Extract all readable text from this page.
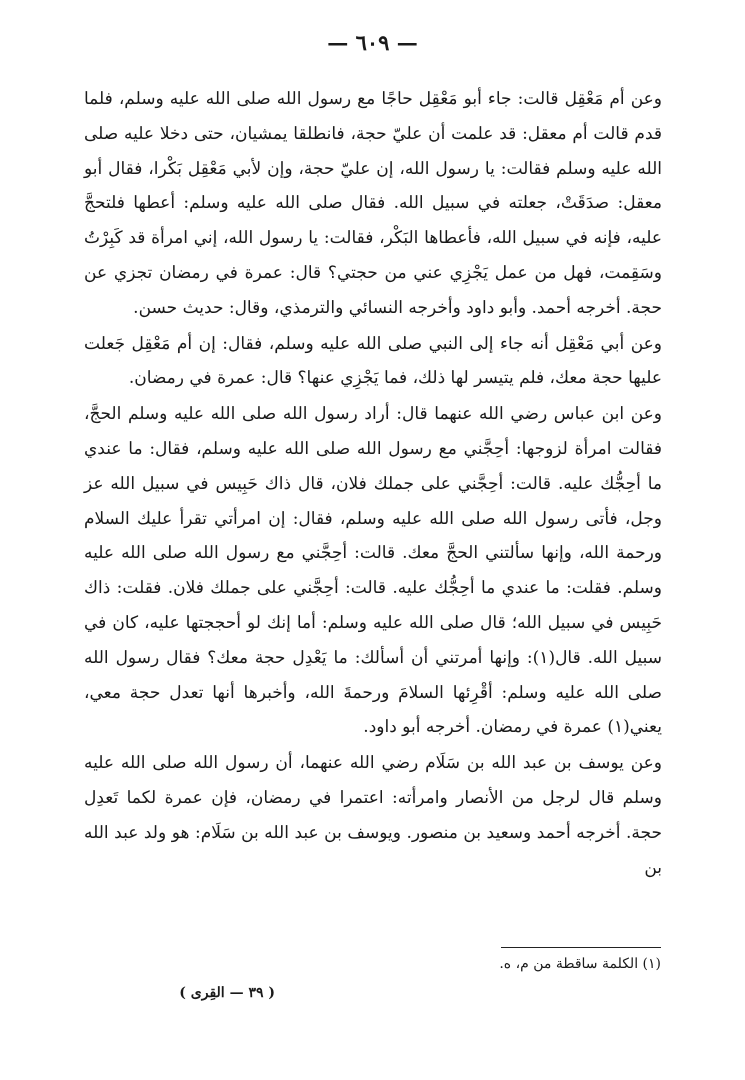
— ٦٠٩ —

وعن أم مَعْقِل قالت: جاء أبو مَعْقِل حاجًا مع رسول الله صلى الله عليه وسلم، فلما قدم قالت أم معقل: قد علمت أن عليّ حجة، فانطلقا يمشيان، حتى دخلا عليه صلى الله عليه وسلم فقالت: يا رسول الله، إن عليّ حجة، وإن لأبي مَعْقِل بَكْرا، فقال أبو معقل: صدَقَتْ، جعلته في سبيل الله. فقال صلى الله عليه وسلم: أعطها فلتحجَّ عليه، فإنه في سبيل الله، فأعطاها البَكْر، فقالت: يا رسول الله، إني امرأة قد كَبِرْتُ وسَقِمت، فهل من عمل يَجْزِي عني من حجتي؟ قال: عمرة في رمضان تجزي عن حجة. أخرجه أحمد. وأبو داود وأخرجه النسائي والترمذي، وقال: حديث حسن.

وعن أبي مَعْقِل أنه جاء إلى النبي صلى الله عليه وسلم، فقال: إن أم مَعْقِل جَعلت عليها حجة معك، فلم يتيسر لها ذلك، فما يَجْزِي عنها؟ قال: عمرة في رمضان.

وعن ابن عباس رضي الله عنهما قال: أراد رسول الله صلى الله عليه وسلم الحجَّ، فقالت امرأة لزوجها: أحِجَّني مع رسول الله صلى الله عليه وسلم، فقال: ما عندي ما أحِجُّك عليه. قالت: أحِجَّني على جملك فلان، قال ذاك حَبِيس في سبيل الله عز وجل، فأتى رسول الله صلى الله عليه وسلم، فقال: إن امرأتي تقرأ عليك السلام ورحمة الله، وإنها سألتني الحجَّ معك. قالت: أحِجَّني مع رسول الله صلى الله عليه وسلم. فقلت: ما عندي ما أحِجُّك عليه. قالت: أحِجَّني على جملك فلان. فقلت: ذاك حَبِيس في سبيل الله؛ قال صلى الله عليه وسلم: أما إنك لو أحججتها عليه، كان في سبيل الله. قال(١): وإنها أمرتني أن أسألك: ما يَعْدِل حجة معك؟ فقال رسول الله صلى الله عليه وسلم: أقْرِئها السلامَ ورحمةَ الله، وأخبرها أنها تعدل حجة معي، يعني(١) عمرة في رمضان. أخرجه أبو داود.

وعن يوسف بن عبد الله بن سَلَام رضي الله عنهما، أن رسول الله صلى الله عليه وسلم قال لرجل من الأنصار وامرأته: اعتمرا في رمضان، فإن عمرة لكما تَعدِل حجة. أخرجه أحمد وسعيد بن منصور. ويوسف بن عبد الله بن سَلَام: هو ولد عبد الله بن

(١) الكلمة ساقطة من م، ه.
( ٣٩ — القِرى )
